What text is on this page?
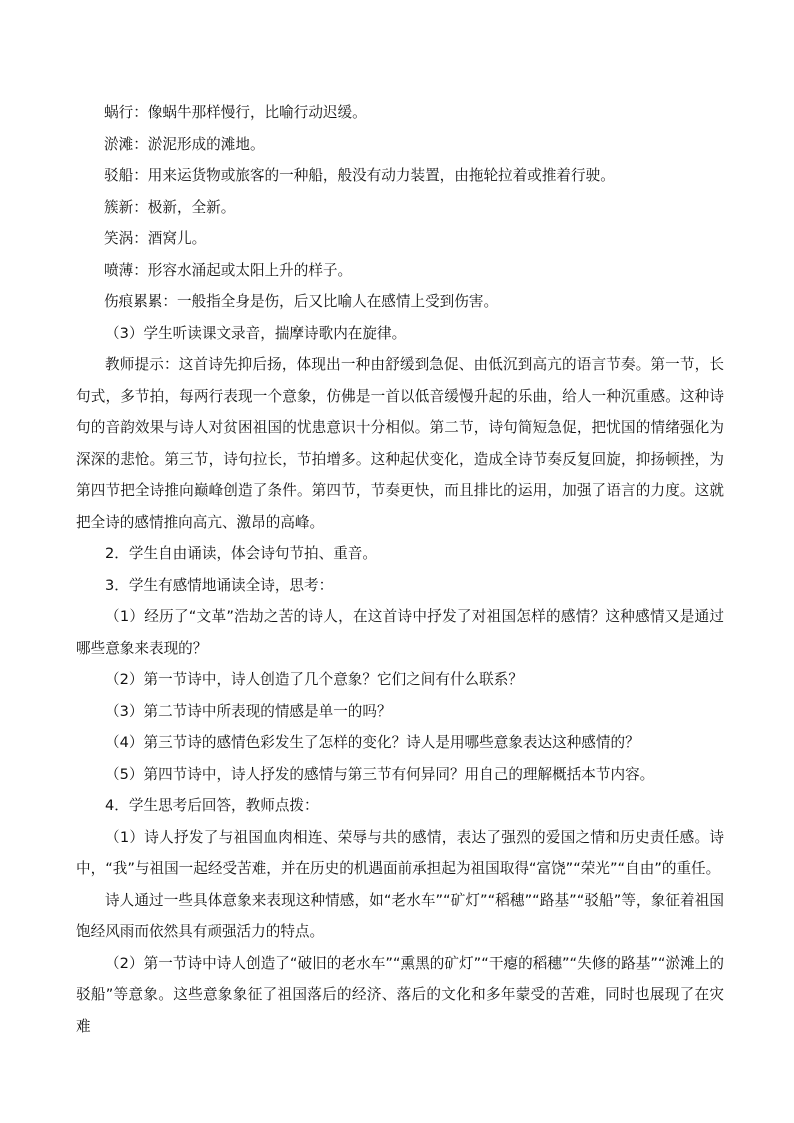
蜗行：像蜗牛那样慢行，比喻行动迟缓。

淤滩：淤泥形成的滩地。

驳船：用来运货物或旅客的一种船，般没有动力装置，由拖轮拉着或推着行驶。

簇新：极新，全新。

笑涡：酒窝儿。

喷薄：形容水涌起或太阳上升的样子。

伤痕累累：一般指全身是伤，后又比喻人在感情上受到伤害。

（3）学生听读课文录音，揣摩诗歌内在旋律。

教师提示：这首诗先抑后扬，体现出一种由舒缓到急促、由低沉到高亢的语言节奏。第一节，长句式，多节拍，每两行表现一个意象，仿佛是一首以低音缓慢升起的乐曲，给人一种沉重感。这种诗句的音韵效果与诗人对贫困祖国的忧患意识十分相似。第二节，诗句简短急促，把忧国的情绪强化为深深的悲怆。第三节，诗句拉长，节拍增多。这种起伏变化，造成全诗节奏反复回旋，抑扬顿挫，为第四节把全诗推向巅峰创造了条件。第四节，节奏更快，而且排比的运用，加强了语言的力度。这就把全诗的感情推向高亢、激昂的高峰。

2．学生自由诵读，体会诗句节拍、重音。

3．学生有感情地诵读全诗，思考：

（1）经历了“文革”浩劫之苦的诗人，在这首诗中抒发了对祖国怎样的感情？这种感情又是通过哪些意象来表现的？

（2）第一节诗中，诗人创造了几个意象？它们之间有什么联系？

（3）第二节诗中所表现的情感是单一的吗？

（4）第三节诗的感情色彩发生了怎样的变化？诗人是用哪些意象表达这种感情的？

（5）第四节诗中，诗人抒发的感情与第三节有何异同？用自己的理解概括本节内容。

4．学生思考后回答，教师点拨：

（1）诗人抒发了与祖国血肉相连、荣辱与共的感情，表达了强烈的爱国之情和历史责任感。诗中，“我”与祖国一起经受苦难，并在历史的机遇面前承担起为祖国取得“富饶”“荣光”“自由”的重任。

诗人通过一些具体意象来表现这种情感，如“老水车”“矿灯”“稻穗”“路基”“驳船”等，象征着祖国饱经风雨而依然具有顽强活力的特点。

（2）第一节诗中诗人创造了“破旧的老水车”“熏黑的矿灯”“干瘪的稻穗”“失修的路基”“淤滩上的驳船”等意象。这些意象象征了祖国落后的经济、落后的文化和多年蒙受的苦难，同时也展现了在灾难
